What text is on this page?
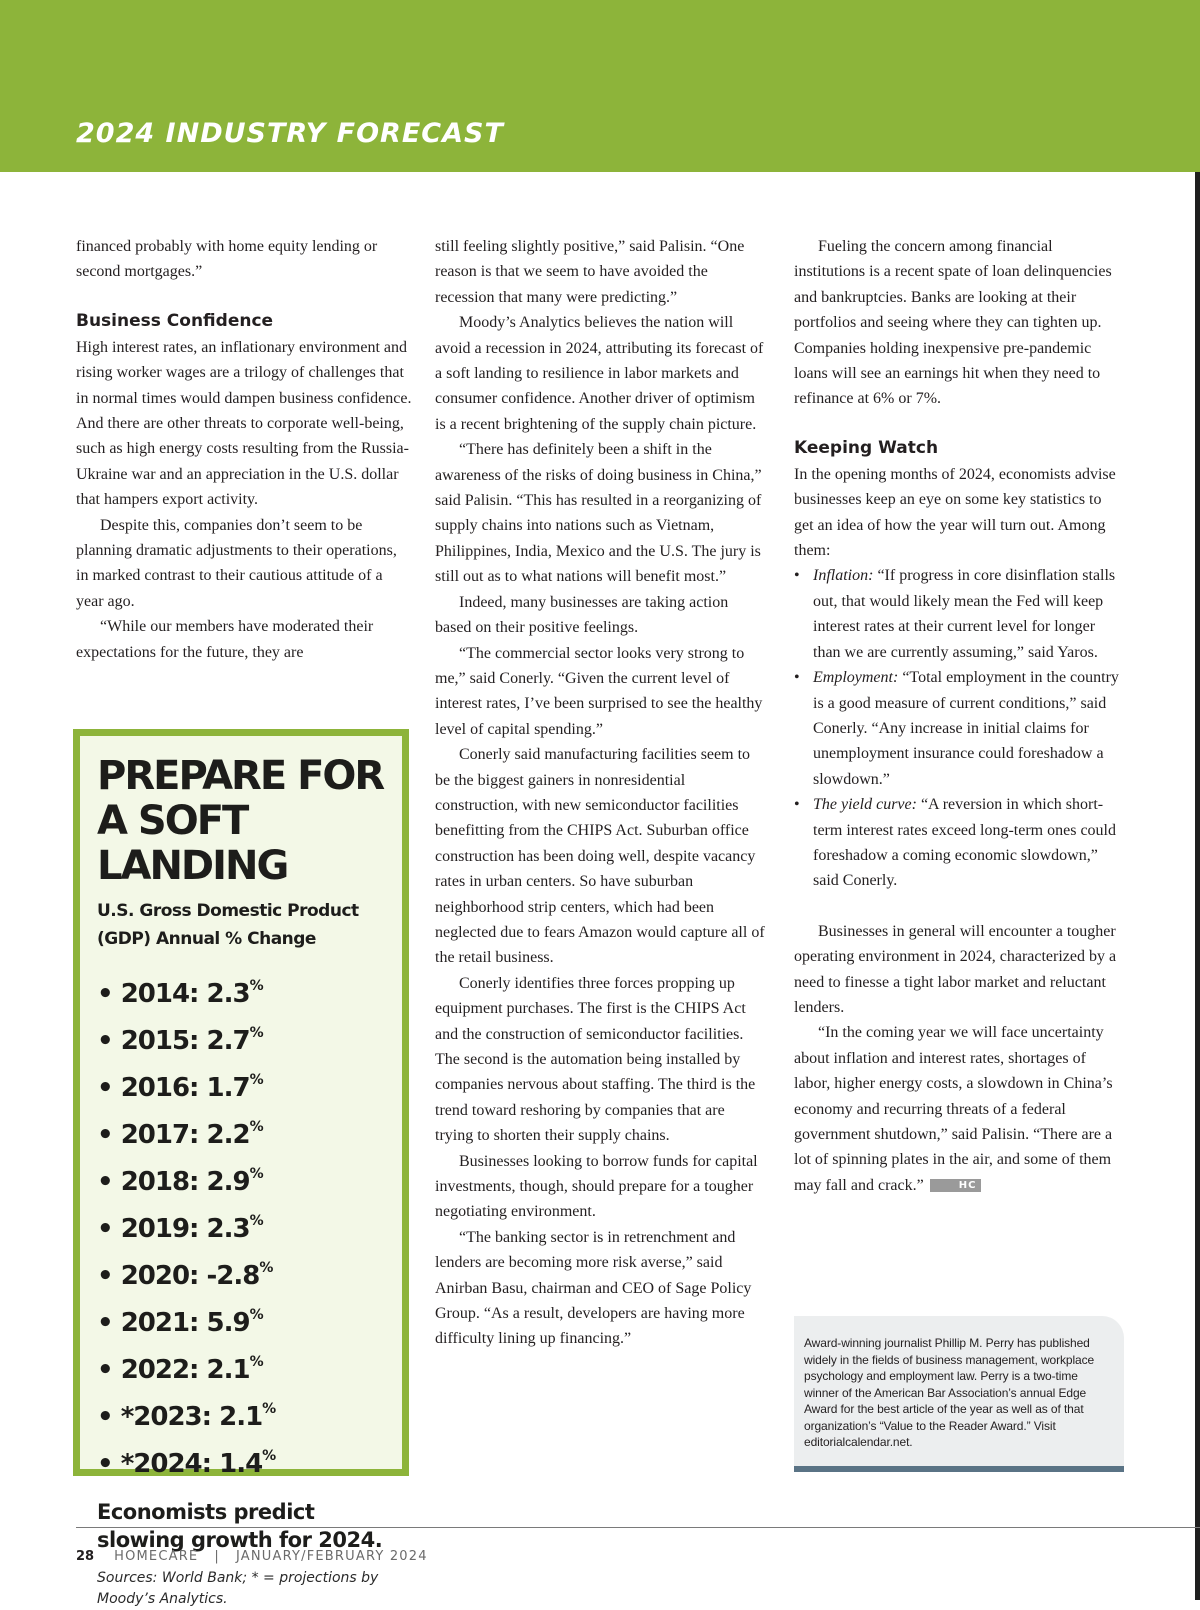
2024 INDUSTRY FORECAST

financed probably with home equity lending or second mortgages.”

Business Confidence

High interest rates, an inflationary environment and rising worker wages are a trilogy of challenges that in normal times would dampen business confidence. And there are other threats to corporate well-being, such as high energy costs resulting from the Russia-Ukraine war and an appreciation in the U.S. dollar that hampers export activity.

Despite this, companies don’t seem to be planning dramatic adjustments to their operations, in marked contrast to their cautious attitude of a year ago.

“While our members have moderated their expectations for the future, they are

PREPARE FOR A SOFT LANDING

U.S. Gross Domestic Product (GDP) Annual % Change

• 2014: 2.3%
• 2015: 2.7%
• 2016: 1.7%
• 2017: 2.2%
• 2018: 2.9%
• 2019: 2.3%
• 2020: -2.8%
• 2021: 5.9%
• 2022: 2.1%
• *2023: 2.1%
• *2024: 1.4%

Economists predict slowing growth for 2024.

Sources: World Bank; * = projections by Moody’s Analytics.

still feeling slightly positive,” said Palisin. “One reason is that we seem to have avoided the recession that many were predicting.”

Moody’s Analytics believes the nation will avoid a recession in 2024, attributing its forecast of a soft landing to resilience in labor markets and consumer confidence. Another driver of optimism is a recent brightening of the supply chain picture.

“There has definitely been a shift in the awareness of the risks of doing business in China,” said Palisin. “This has resulted in a reorganizing of supply chains into nations such as Vietnam, Philippines, India, Mexico and the U.S. The jury is still out as to what nations will benefit most.”

Indeed, many businesses are taking action based on their positive feelings.

“The commercial sector looks very strong to me,” said Conerly. “Given the current level of interest rates, I’ve been surprised to see the healthy level of capital spending.”

Conerly said manufacturing facilities seem to be the biggest gainers in nonresidential construction, with new semiconductor facilities benefitting from the CHIPS Act. Suburban office construction has been doing well, despite vacancy rates in urban centers. So have suburban neighborhood strip centers, which had been neglected due to fears Amazon would capture all of the retail business.

Conerly identifies three forces propping up equipment purchases. The first is the CHIPS Act and the construction of semiconductor facilities. The second is the automation being installed by companies nervous about staffing. The third is the trend toward reshoring by companies that are trying to shorten their supply chains.

Businesses looking to borrow funds for capital investments, though, should prepare for a tougher negotiating environment.

“The banking sector is in retrenchment and lenders are becoming more risk averse,” said Anirban Basu, chairman and CEO of Sage Policy Group. “As a result, developers are having more difficulty lining up financing.”

Fueling the concern among financial institutions is a recent spate of loan delinquencies and bankruptcies. Banks are looking at their portfolios and seeing where they can tighten up. Companies holding inexpensive pre-pandemic loans will see an earnings hit when they need to refinance at 6% or 7%.

Keeping Watch

In the opening months of 2024, economists advise businesses keep an eye on some key statistics to get an idea of how the year will turn out. Among them:

• Inflation: “If progress in core disinflation stalls out, that would likely mean the Fed will keep interest rates at their current level for longer than we are currently assuming,” said Yaros.
• Employment: “Total employment in the country is a good measure of current conditions,” said Conerly. “Any increase in initial claims for unemployment insurance could foreshadow a slowdown.”
• The yield curve: “A reversion in which short-term interest rates exceed long-term ones could foreshadow a coming economic slowdown,” said Conerly.

Businesses in general will encounter a tougher operating environment in 2024, characterized by a need to finesse a tight labor market and reluctant lenders.

“In the coming year we will face uncertainty about inflation and interest rates, shortages of labor, higher energy costs, a slowdown in China’s economy and recurring threats of a federal government shutdown,” said Palisin. “There are a lot of spinning plates in the air, and some of them may fall and crack.”	HC

Award-winning journalist Phillip M. Perry has published widely in the fields of business management, workplace psychology and employment law. Perry is a two-time winner of the American Bar Association’s annual Edge Award for the best article of the year as well as of that organization’s “Value to the Reader Award.” Visit editorialcalendar.net.

28 HOMECARE | JANUARY/FEBRUARY 2024
